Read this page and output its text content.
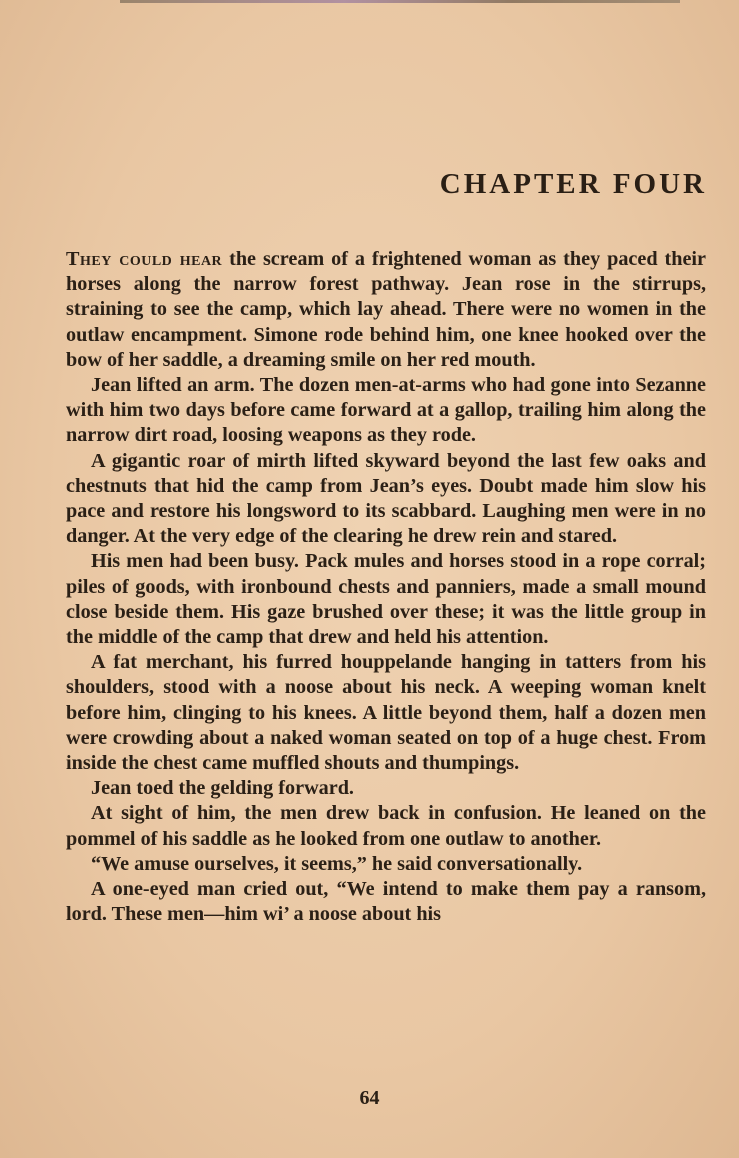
CHAPTER FOUR

They could hear the scream of a frightened woman as they paced their horses along the narrow forest pathway. Jean rose in the stirrups, straining to see the camp, which lay ahead. There were no women in the outlaw encampment. Simone rode behind him, one knee hooked over the bow of her saddle, a dreaming smile on her red mouth.

Jean lifted an arm. The dozen men-at-arms who had gone into Sezanne with him two days before came forward at a gallop, trailing him along the narrow dirt road, loosing weapons as they rode.

A gigantic roar of mirth lifted skyward beyond the last few oaks and chestnuts that hid the camp from Jean’s eyes. Doubt made him slow his pace and restore his longsword to its scabbard. Laughing men were in no danger. At the very edge of the clearing he drew rein and stared.

His men had been busy. Pack mules and horses stood in a rope corral; piles of goods, with ironbound chests and panniers, made a small mound close beside them. His gaze brushed over these; it was the little group in the middle of the camp that drew and held his attention.

A fat merchant, his furred houppelande hanging in tatters from his shoulders, stood with a noose about his neck. A weeping woman knelt before him, clinging to his knees. A little beyond them, half a dozen men were crowding about a naked woman seated on top of a huge chest. From inside the chest came muffled shouts and thumpings.

Jean toed the gelding forward.

At sight of him, the men drew back in confusion. He leaned on the pommel of his saddle as he looked from one outlaw to another.

“We amuse ourselves, it seems,” he said conversationally.

A one-eyed man cried out, “We intend to make them pay a ransom, lord. These men—him wi’ a noose about his

64
